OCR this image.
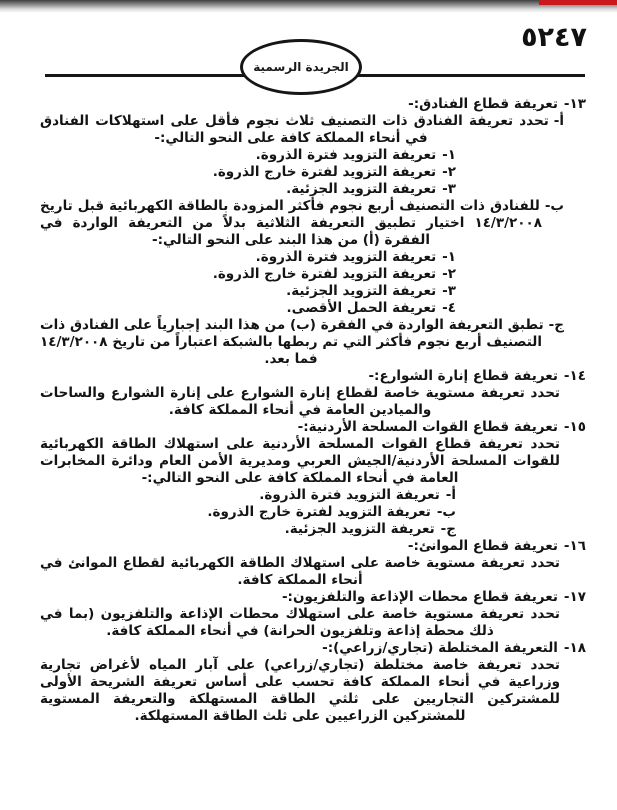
٥٢٤٧
الجريدة الرسمية
١٣-تعريفة قطاع الفنادق:-
أ-تحدد تعريفة الفنادق ذات التصنيف ثلاث نجوم فأقل على استهلاكات الفنادق في أنحاء المملكة كافة على النحو التالي:-
١-تعريفة التزويد فترة الذروة.
٢-تعريفة التزويد لفترة خارج الذروة.
٣-تعريفة التزويد الجزئية.
ب-للفنادق ذات التصنيف أربع نجوم فأكثر المزودة بالطاقة الكهربائية قبل تاريخ ١٤/٣/٢٠٠٨ اختيار تطبيق التعريفة الثلاثية بدلاً من التعريفة الواردة في الفقرة (أ) من هذا البند على النحو التالي:-
١-تعريفة التزويد فترة الذروة.
٢-تعريفة التزويد لفترة خارج الذروة.
٣-تعريفة التزويد الجزئية.
٤-تعريفة الحمل الأقصى.
ج-تطبق التعريفة الواردة في الفقرة (ب) من هذا البند إجبارياً على الفنادق ذات التصنيف أربع نجوم فأكثر التي تم ربطها بالشبكة اعتباراً من تاريخ ١٤/٣/٢٠٠٨ فما بعد.
١٤-تعريفة قطاع إنارة الشوارع:-
تحدد تعريفة مستوية خاصة لقطاع إنارة الشوارع على إنارة الشوارع والساحات والميادين العامة في أنحاء المملكة كافة.
١٥-تعريفة قطاع القوات المسلحة الأردنية:-
تحدد تعريفة قطاع القوات المسلحة الأردنية على استهلاك الطاقة الكهربائية للقوات المسلحة الأردنية/الجيش العربي ومديرية الأمن العام ودائرة المخابرات العامة في أنحاء المملكة كافة على النحو التالي:-
أ-تعريفة التزويد فترة الذروة.
ب-تعريفة التزويد لفترة خارج الذروة.
ج-تعريفة التزويد الجزئية.
١٦-تعريفة قطاع الموانئ:-
تحدد تعريفة مستوية خاصة على استهلاك الطاقة الكهربائية لقطاع الموانئ في أنحاء المملكة كافة.
١٧-تعريفة قطاع محطات الإذاعة والتلفزيون:-
تحدد تعريفة مستوية خاصة على استهلاك محطات الإذاعة والتلفزيون (بما في ذلك محطة إذاعة وتلفزيون الحرانة) في أنحاء المملكة كافة.
١٨-التعريفة المختلطة (تجاري/زراعي):-
تحدد تعريفة خاصة مختلطة (تجاري/زراعي) على آبار المياه لأغراض تجارية وزراعية في أنحاء المملكة كافة تحسب على أساس تعريفة الشريحة الأولى للمشتركين التجاريين على ثلثي الطاقة المستهلكة والتعريفة المستوية للمشتركين الزراعيين على ثلث الطاقة المستهلكة.
